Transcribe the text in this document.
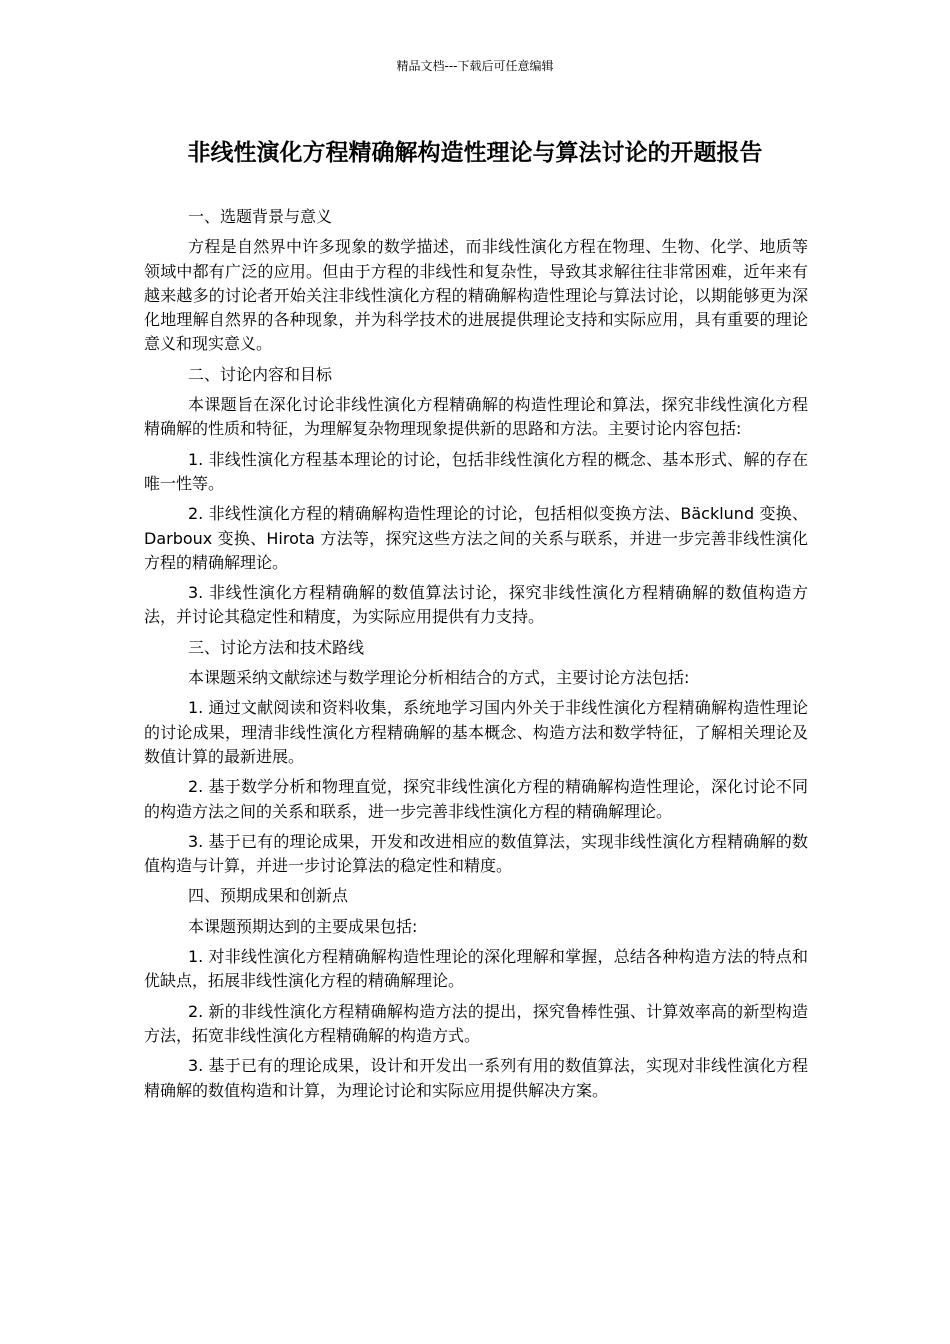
精品文档---下载后可任意编辑
非线性演化方程精确解构造性理论与算法讨论的开题报告

一、选题背景与意义

方程是自然界中许多现象的数学描述，而非线性演化方程在物理、生物、化学、地质等领域中都有广泛的应用。但由于方程的非线性和复杂性，导致其求解往往非常困难，近年来有越来越多的讨论者开始关注非线性演化方程的精确解构造性理论与算法讨论，以期能够更为深化地理解自然界的各种现象，并为科学技术的进展提供理论支持和实际应用，具有重要的理论意义和现实意义。

二、讨论内容和目标

本课题旨在深化讨论非线性演化方程精确解的构造性理论和算法，探究非线性演化方程精确解的性质和特征，为理解复杂物理现象提供新的思路和方法。主要讨论内容包括:

1. 非线性演化方程基本理论的讨论，包括非线性演化方程的概念、基本形式、解的存在唯一性等。

2. 非线性演化方程的精确解构造性理论的讨论，包括相似变换方法、Bäcklund 变换、Darboux 变换、Hirota 方法等，探究这些方法之间的关系与联系，并进一步完善非线性演化方程的精确解理论。

3. 非线性演化方程精确解的数值算法讨论，探究非线性演化方程精确解的数值构造方法，并讨论其稳定性和精度，为实际应用提供有力支持。

三、讨论方法和技术路线

本课题采纳文献综述与数学理论分析相结合的方式，主要讨论方法包括:

1. 通过文献阅读和资料收集，系统地学习国内外关于非线性演化方程精确解构造性理论的讨论成果，理清非线性演化方程精确解的基本概念、构造方法和数学特征，了解相关理论及数值计算的最新进展。

2. 基于数学分析和物理直觉，探究非线性演化方程的精确解构造性理论，深化讨论不同的构造方法之间的关系和联系，进一步完善非线性演化方程的精确解理论。

3. 基于已有的理论成果，开发和改进相应的数值算法，实现非线性演化方程精确解的数值构造与计算，并进一步讨论算法的稳定性和精度。

四、预期成果和创新点

本课题预期达到的主要成果包括:

1. 对非线性演化方程精确解构造性理论的深化理解和掌握，总结各种构造方法的特点和优缺点，拓展非线性演化方程的精确解理论。

2. 新的非线性演化方程精确解构造方法的提出，探究鲁棒性强、计算效率高的新型构造方法，拓宽非线性演化方程精确解的构造方式。

3. 基于已有的理论成果，设计和开发出一系列有用的数值算法，实现对非线性演化方程精确解的数值构造和计算，为理论讨论和实际应用提供解决方案。
